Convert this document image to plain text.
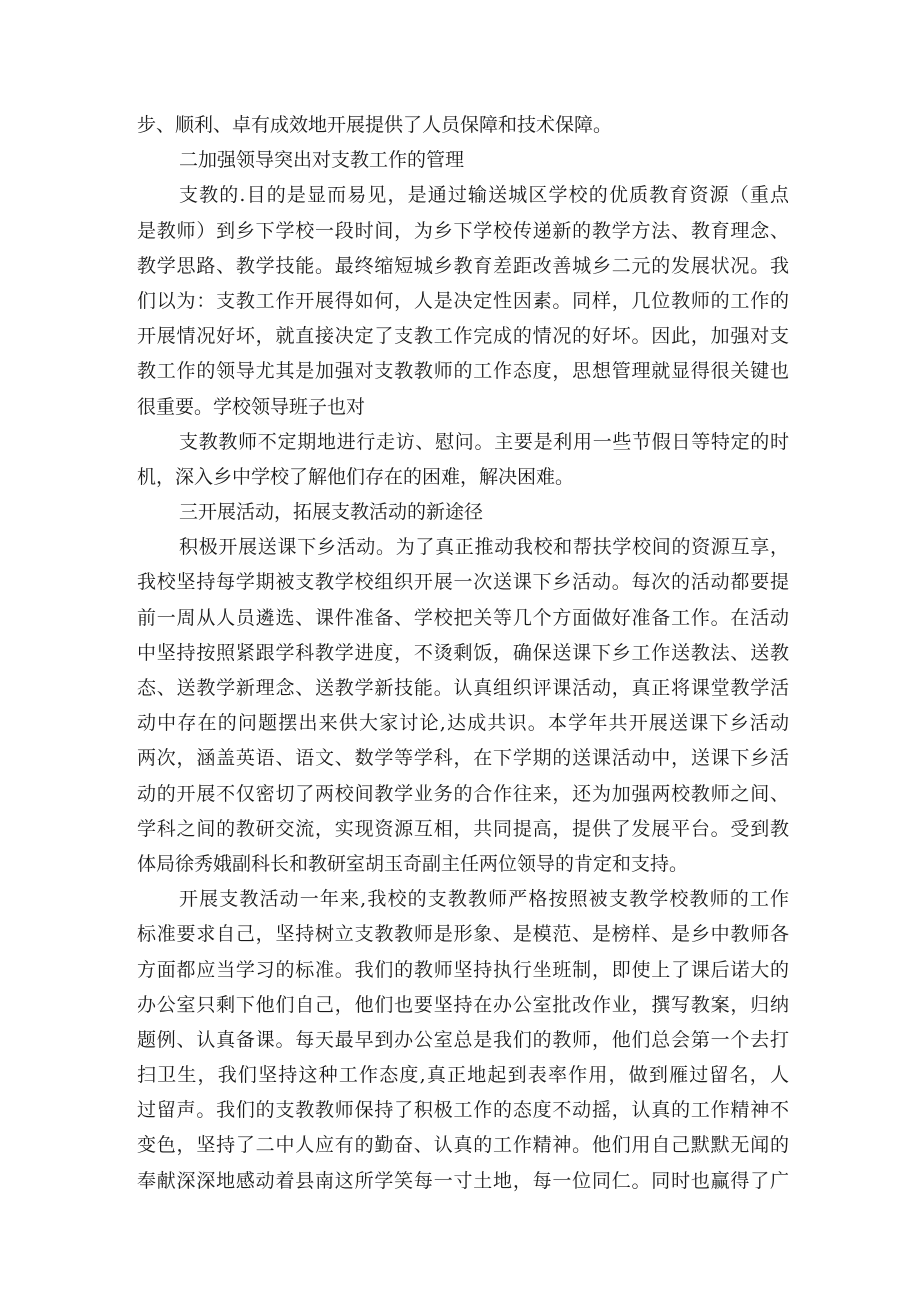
步、顺利、卓有成效地开展提供了人员保障和技术保障。
二加强领导突出对支教工作的管理
支教的.目的是显而易见，是通过输送城区学校的优质教育资源（重点
是教师）到乡下学校一段时间，为乡下学校传递新的教学方法、教育理念、
教学思路、教学技能。最终缩短城乡教育差距改善城乡二元的发展状况。我
们以为：支教工作开展得如何，人是决定性因素。同样，几位教师的工作的
开展情况好坏，就直接决定了支教工作完成的情况的好坏。因此，加强对支
教工作的领导尤其是加强对支教教师的工作态度，思想管理就显得很关键也
很重要。学校领导班子也对
支教教师不定期地进行走访、慰问。主要是利用一些节假日等特定的时
机，深入乡中学校了解他们存在的困难，解决困难。
三开展活动，拓展支教活动的新途径
积极开展送课下乡活动。为了真正推动我校和帮扶学校间的资源互享，
我校坚持每学期被支教学校组织开展一次送课下乡活动。每次的活动都要提
前一周从人员遴选、课件准备、学校把关等几个方面做好准备工作。在活动
中坚持按照紧跟学科教学进度，不烫剩饭，确保送课下乡工作送教法、送教
态、送教学新理念、送教学新技能。认真组织评课活动，真正将课堂教学活
动中存在的问题摆出来供大家讨论,达成共识。本学年共开展送课下乡活动
两次，涵盖英语、语文、数学等学科，在下学期的送课活动中，送课下乡活
动的开展不仅密切了两校间教学业务的合作往来，还为加强两校教师之间、
学科之间的教研交流，实现资源互相，共同提高，提供了发展平台。受到教
体局徐秀娥副科长和教研室胡玉奇副主任两位领导的肯定和支持。
开展支教活动一年来,我校的支教教师严格按照被支教学校教师的工作
标准要求自己，坚持树立支教教师是形象、是模范、是榜样、是乡中教师各
方面都应当学习的标准。我们的教师坚持执行坐班制，即使上了课后诺大的
办公室只剩下他们自己，他们也要坚持在办公室批改作业，撰写教案，归纳
题例、认真备课。每天最早到办公室总是我们的教师，他们总会第一个去打
扫卫生，我们坚持这种工作态度,真正地起到表率作用，做到雁过留名，人
过留声。我们的支教教师保持了积极工作的态度不动摇，认真的工作精神不
变色，坚持了二中人应有的勤奋、认真的工作精神。他们用自己默默无闻的
奉献深深地感动着县南这所学笑每一寸土地，每一位同仁。同时也赢得了广
